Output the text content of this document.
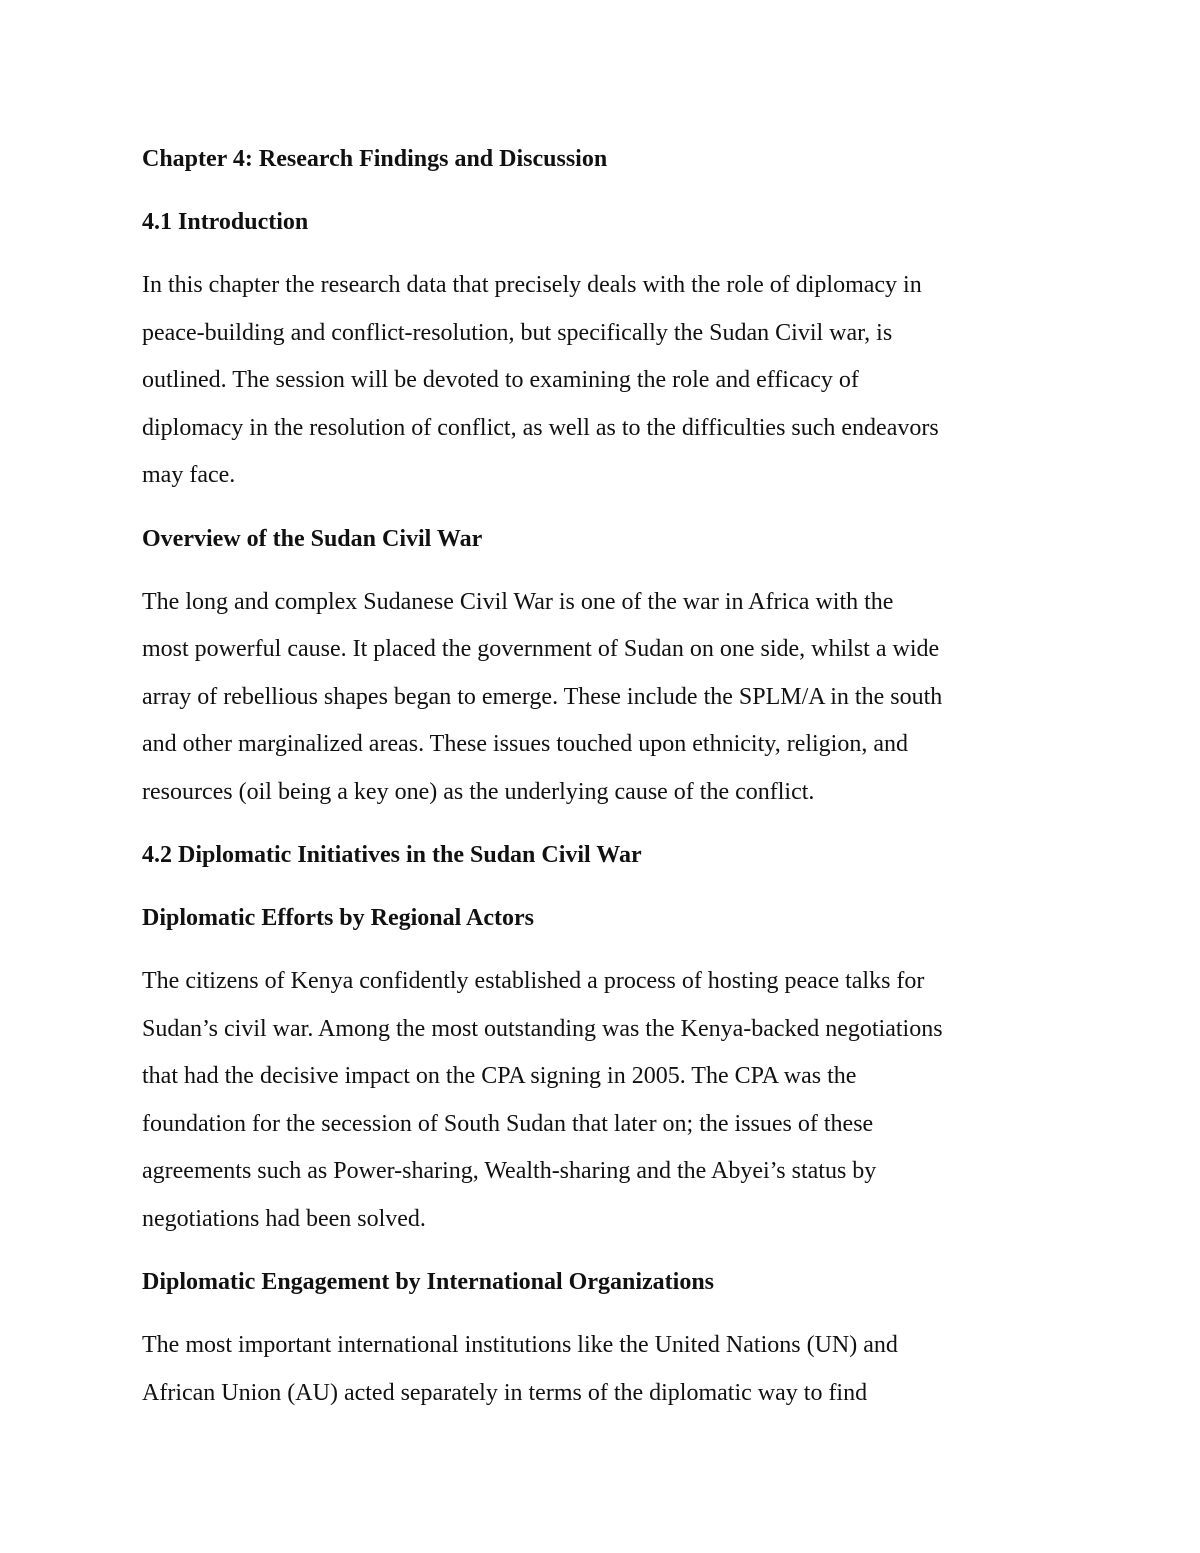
Chapter 4: Research Findings and Discussion
4.1 Introduction
In this chapter the research data that precisely deals with the role of diplomacy in
peace-building and conflict-resolution, but specifically the Sudan Civil war, is
outlined. The session will be devoted to examining the role and efficacy of
diplomacy in the resolution of conflict, as well as to the difficulties such endeavors
may face.
Overview of the Sudan Civil War
The long and complex Sudanese Civil War is one of the war in Africa with the
most powerful cause. It placed the government of Sudan on one side, whilst a wide
array of rebellious shapes began to emerge. These include the SPLM/A in the south
and other marginalized areas. These issues touched upon ethnicity, religion, and
resources (oil being a key one) as the underlying cause of the conflict.
4.2 Diplomatic Initiatives in the Sudan Civil War
Diplomatic Efforts by Regional Actors
The citizens of Kenya confidently established a process of hosting peace talks for
Sudan’s civil war. Among the most outstanding was the Kenya-backed negotiations
that had the decisive impact on the CPA signing in 2005. The CPA was the
foundation for the secession of South Sudan that later on; the issues of these
agreements such as Power-sharing, Wealth-sharing and the Abyei’s status by
negotiations had been solved.
Diplomatic Engagement by International Organizations
The most important international institutions like the United Nations (UN) and
African Union (AU) acted separately in terms of the diplomatic way to find
